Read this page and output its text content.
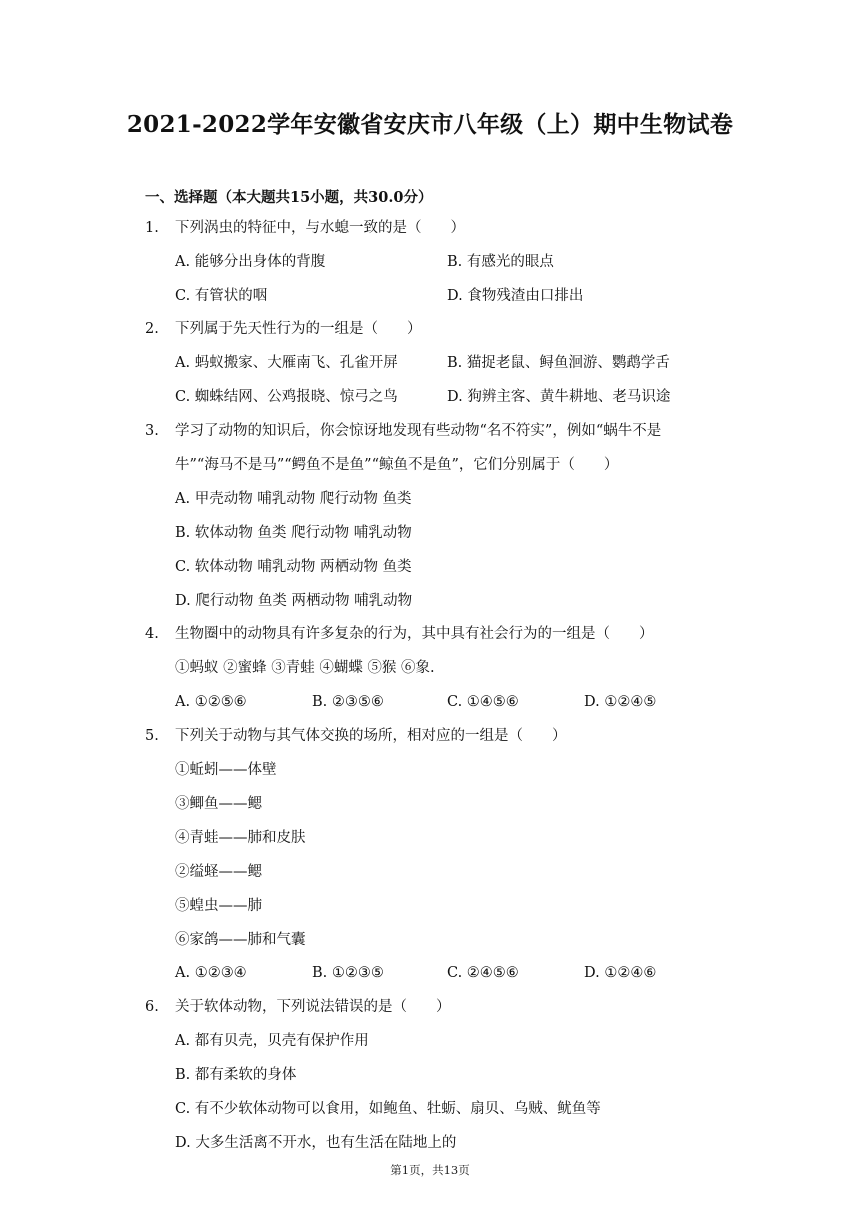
2021-2022学年安徽省安庆市八年级（上）期中生物试卷
一、选择题（本大题共15小题，共30.0分）
1. 下列涡虫的特征中，与水螅一致的是（　　）
A. 能够分出身体的背腹	B. 有感光的眼点
C. 有管状的咽	D. 食物残渣由口排出
2. 下列属于先天性行为的一组是（　　）
A. 蚂蚁搬家、大雁南飞、孔雀开屏	B. 猫捉老鼠、鲟鱼洄游、鹦鹉学舌
C. 蜘蛛结网、公鸡报晓、惊弓之鸟	D. 狗辨主客、黄牛耕地、老马识途
3. 学习了动物的知识后，你会惊讶地发现有些动物“名不符实”，例如“蜗牛不是
牛”“海马不是马”“鳄鱼不是鱼”“鲸鱼不是鱼”，它们分别属于（　　）
A. 甲壳动物 哺乳动物 爬行动物 鱼类
B. 软体动物 鱼类 爬行动物 哺乳动物
C. 软体动物 哺乳动物 两栖动物 鱼类
D. 爬行动物 鱼类 两栖动物 哺乳动物
4. 生物圈中的动物具有许多复杂的行为，其中具有社会行为的一组是（　　）
①蚂蚁 ②蜜蜂 ③青蛙 ④蝴蝶 ⑤猴 ⑥象.
A. ①②⑤⑥	B. ②③⑤⑥	C. ①④⑤⑥	D. ①②④⑤
5. 下列关于动物与其气体交换的场所，相对应的一组是（　　）
①蚯蚓——体壁
③鲫鱼——鳃
④青蛙——肺和皮肤
②缢蛏——鳃
⑤蝗虫——肺
⑥家鸽——肺和气囊
A. ①②③④	B. ①②③⑤	C. ②④⑤⑥	D. ①②④⑥
6. 关于软体动物，下列说法错误的是（　　）
A. 都有贝壳，贝壳有保护作用
B. 都有柔软的身体
C. 有不少软体动物可以食用，如鲍鱼、牡蛎、扇贝、乌贼、鱿鱼等
D. 大多生活离不开水，也有生活在陆地上的
第1页，共13页
